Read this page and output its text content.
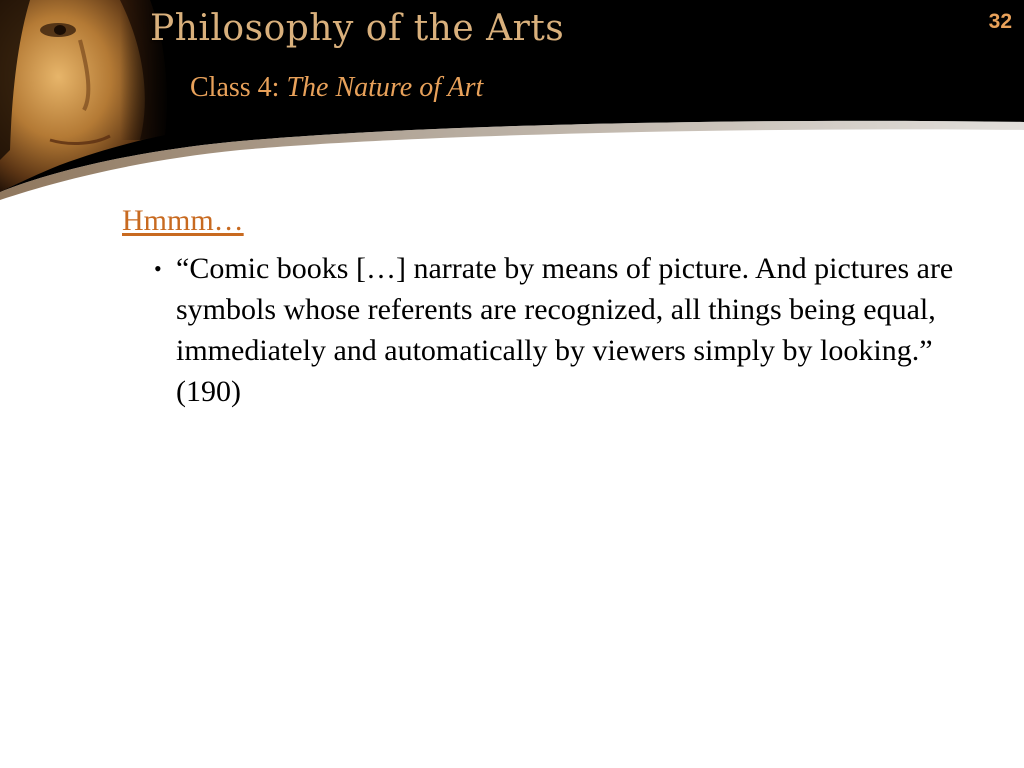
Philosophy of the Arts
Class 4: The Nature of Art
32
Hmmm…
• “Comic books […] narrate by means of picture. And pictures are symbols whose referents are recognized, all things being equal, immediately and automatically by viewers simply by looking.” (190)
